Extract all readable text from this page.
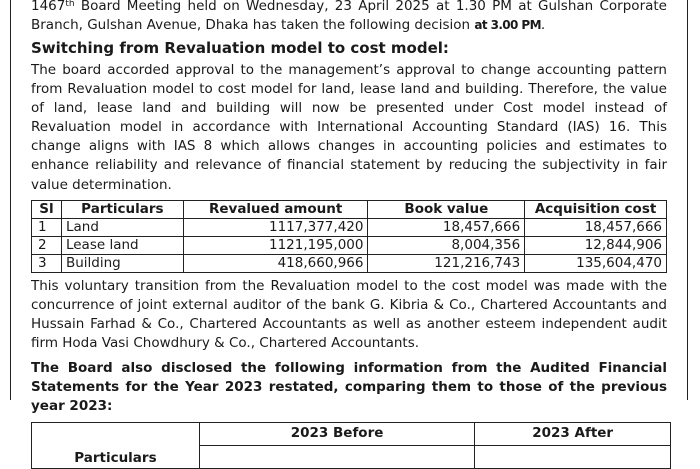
1467th Board Meeting held on Wednesday, 23 April 2025 at 1.30 PM at Gulshan Corporate Branch, Gulshan Avenue, Dhaka has taken the following decision at 3.00 PM.

Switching from Revaluation model to cost model:

The board accorded approval to the management’s approval to change accounting pattern from Revaluation model to cost model for land, lease land and building. Therefore, the value of land, lease land and building will now be presented under Cost model instead of Revaluation model in accordance with International Accounting Standard (IAS) 16. This change aligns with IAS 8 which allows changes in accounting policies and estimates to enhance reliability and relevance of financial statement by reducing the subjectivity in fair value determination.

Sl	Particulars	Revalued amount	Book value	Acquisition cost
1	Land	1117,377,420	18,457,666	18,457,666
2	Lease land	1121,195,000	8,004,356	12,844,906
3	Building	418,660,966	121,216,743	135,604,470

This voluntary transition from the Revaluation model to the cost model was made with the concurrence of joint external auditor of the bank G. Kibria & Co., Chartered Accountants and Hussain Farhad & Co., Chartered Accountants as well as another esteem independent audit firm Hoda Vasi Chowdhury & Co., Chartered Accountants.

The Board also disclosed the following information from the Audited Financial Statements for the Year 2023 restated, comparing them to those of the previous year 2023:

Particulars	2023 Before	2023 After
